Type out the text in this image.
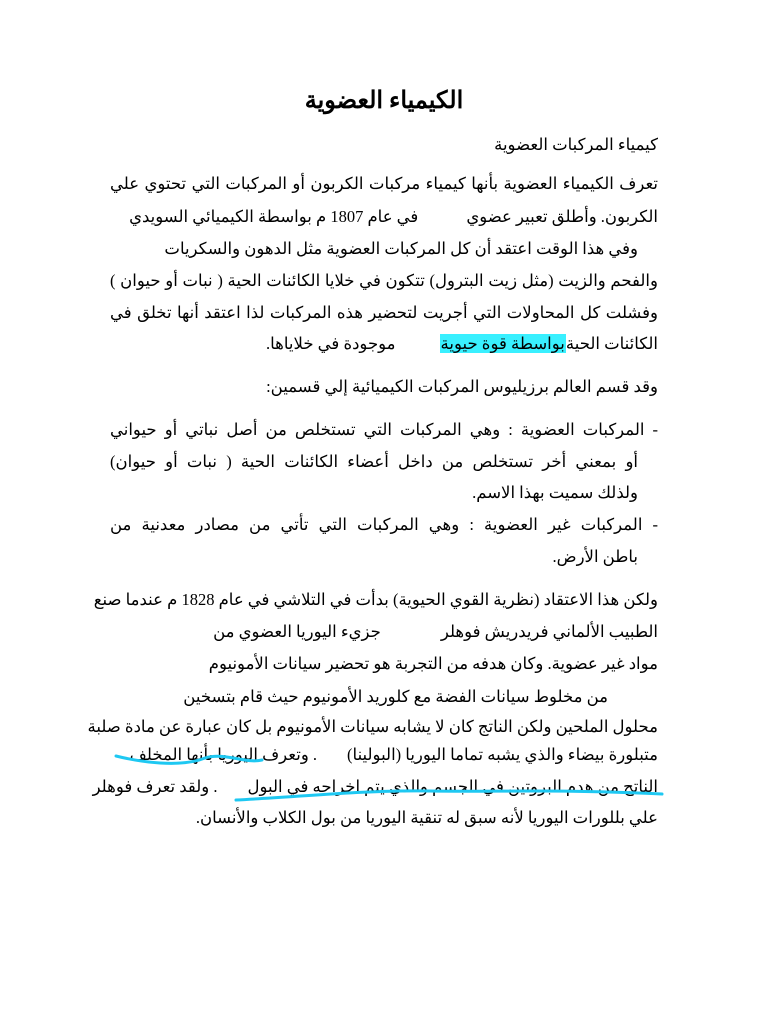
الكيمياء العضوية
كيمياء المركبات العضوية
تعرف الكيمياء العضوية بأنها كيمياء مركبات الكربون أو المركبات التي تحتوي علي
الكربون. وأطلق تعبير عضويفي عام 1807 م بواسطة الكيميائي السويدي
وفي هذا الوقت اعتقد أن كل المركبات العضوية مثل الدهون والسكريات
والفحم والزيت (مثل زيت البترول) تتكون في خلايا الكائنات الحية ( نبات أو حيوان )
وفشلت كل المحاولات التي أجريت لتحضير هذه المركبات لذا اعتقد أنها تخلق في
الكائنات الحيةبواسطة قوة حيويةموجودة في خلاياها.
وقد قسم العالم برزيليوس المركبات الكيميائية إلي قسمين:
- المركبات العضوية : وهي المركبات التي تستخلص من أصل نباتي أو حيواني
أو بمعني أخر تستخلص من داخل أعضاء الكائنات الحية ( نبات أو حيوان)
ولذلك سميت بهذا الاسم.
- المركبات غير العضوية : وهي المركبات التي تأتي من مصادر معدنية من
باطن الأرض.
ولكن هذا الاعتقاد (نظرية القوي الحيوية) بدأت في التلاشي في عام 1828 م عندما صنع
الطبيب الألماني فريدريش فوهلرجزيء اليوريا العضوي من
مواد غير عضوية. وكان هدفه من التجربة هو تحضير سيانات الأمونيوم
من مخلوط سيانات الفضة مع كلوريد الأمونيوم حيث قام بتسخين
محلول الملحين ولكن الناتج كان لا يشابه سيانات الأمونيوم بل كان عبارة عن مادة صلبة
متبلورة بيضاء والذي يشبه تماما اليوريا (البولينا). وتعرف اليوريا بأنها المخلف
الناتج من هدم البروتين في الجسم والذي يتم اخراجه في البول. ولقد تعرف فوهلر
علي بللورات اليوريا لأنه سبق له تنقية اليوريا من بول الكلاب والأنسان.
